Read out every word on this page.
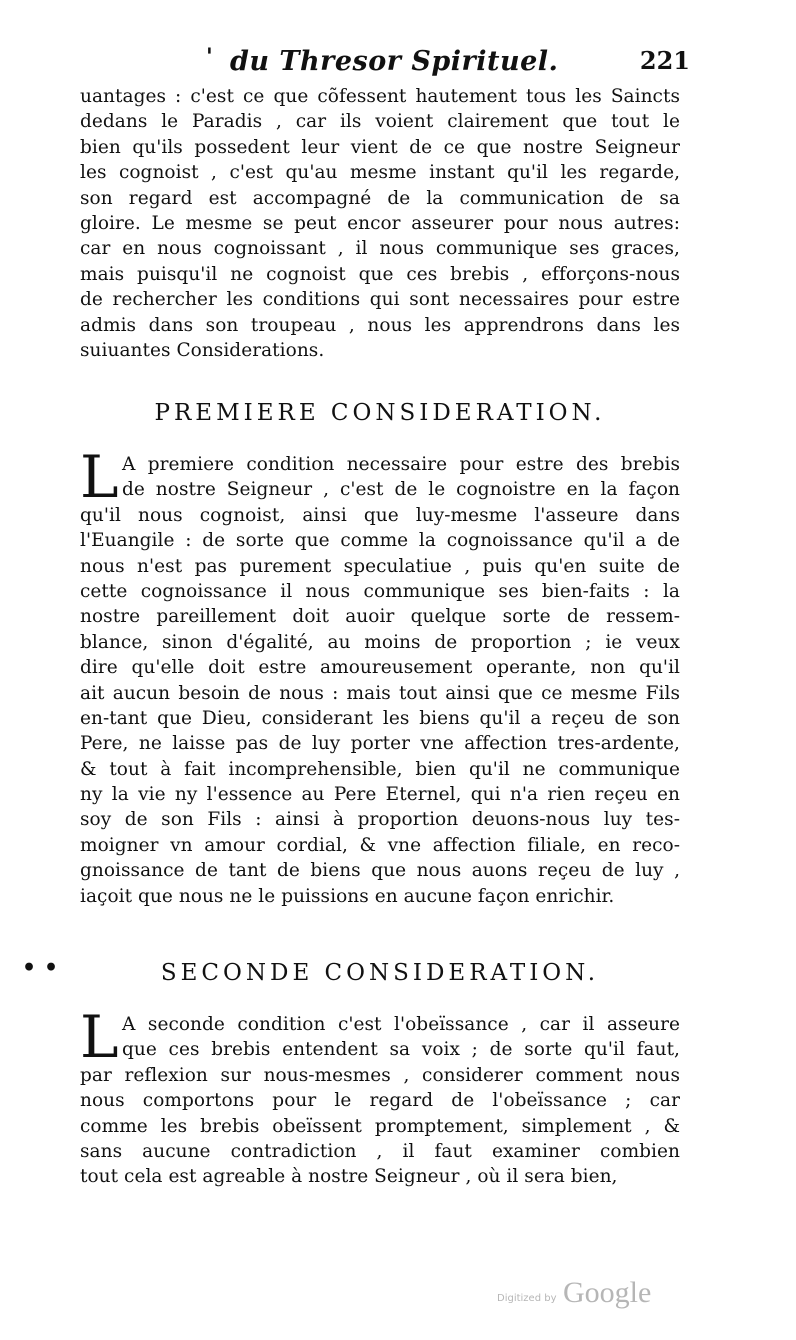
' du Thresor Spirituel.	221
uantages : c'est ce que cõfessent hautement tous les Saincts
dedans le Paradis , car ils voient clairement que tout le
bien qu'ils possedent leur vient de ce que nostre Seigneur
les cognoist , c'est qu'au mesme instant qu'il les regarde,
son regard est accompagné de la communication de sa
gloire. Le mesme se peut encor asseurer pour nous autres:
car en nous cognoissant , il nous communique ses graces,
mais puisqu'il ne cognoist que ces brebis , efforçons-nous
de rechercher les conditions qui sont necessaires pour estre
admis dans son troupeau , nous les apprendrons dans les
suiuantes Considerations.
PREMIERE CONSIDERATION.
L A premiere condition necessaire pour estre des brebis
de nostre Seigneur , c'est de le cognoistre en la façon
qu'il nous cognoist, ainsi que luy-mesme l'asseure dans
l'Euangile : de sorte que comme la cognoissance qu'il a de
nous n'est pas purement speculatiue , puis qu'en suite de
cette cognoissance il nous communique ses bien-faits : la
nostre pareillement doit auoir quelque sorte de ressem-
blance, sinon d'égalité, au moins de proportion ; ie veux
dire qu'elle doit estre amoureusement operante, non qu'il
ait aucun besoin de nous : mais tout ainsi que ce mesme Fils
en-tant que Dieu, considerant les biens qu'il a reçeu de son
Pere, ne laisse pas de luy porter vne affection tres-ardente,
& tout à fait incomprehensible, bien qu'il ne communique
ny la vie ny l'essence au Pere Eternel, qui n'a rien reçeu en
soy de son Fils : ainsi à proportion deuons-nous luy tes-
moigner vn amour cordial, & vne affection filiale, en reco-
gnoissance de tant de biens que nous auons reçeu de luy ,
iaçoit que nous ne le puissions en aucune façon enrichir.
SECONDE CONSIDERATION.
L A seconde condition c'est l'obeïssance , car il asseure
que ces brebis entendent sa voix ; de sorte qu'il faut,
par reflexion sur nous-mesmes , considerer comment nous
nous comportons pour le regard de l'obeïssance ; car
comme les brebis obeïssent promptement, simplement , &
sans aucune contradiction , il faut examiner combien
tout cela est agreable à nostre Seigneur , où il sera bien,
••
Digitized by Google
